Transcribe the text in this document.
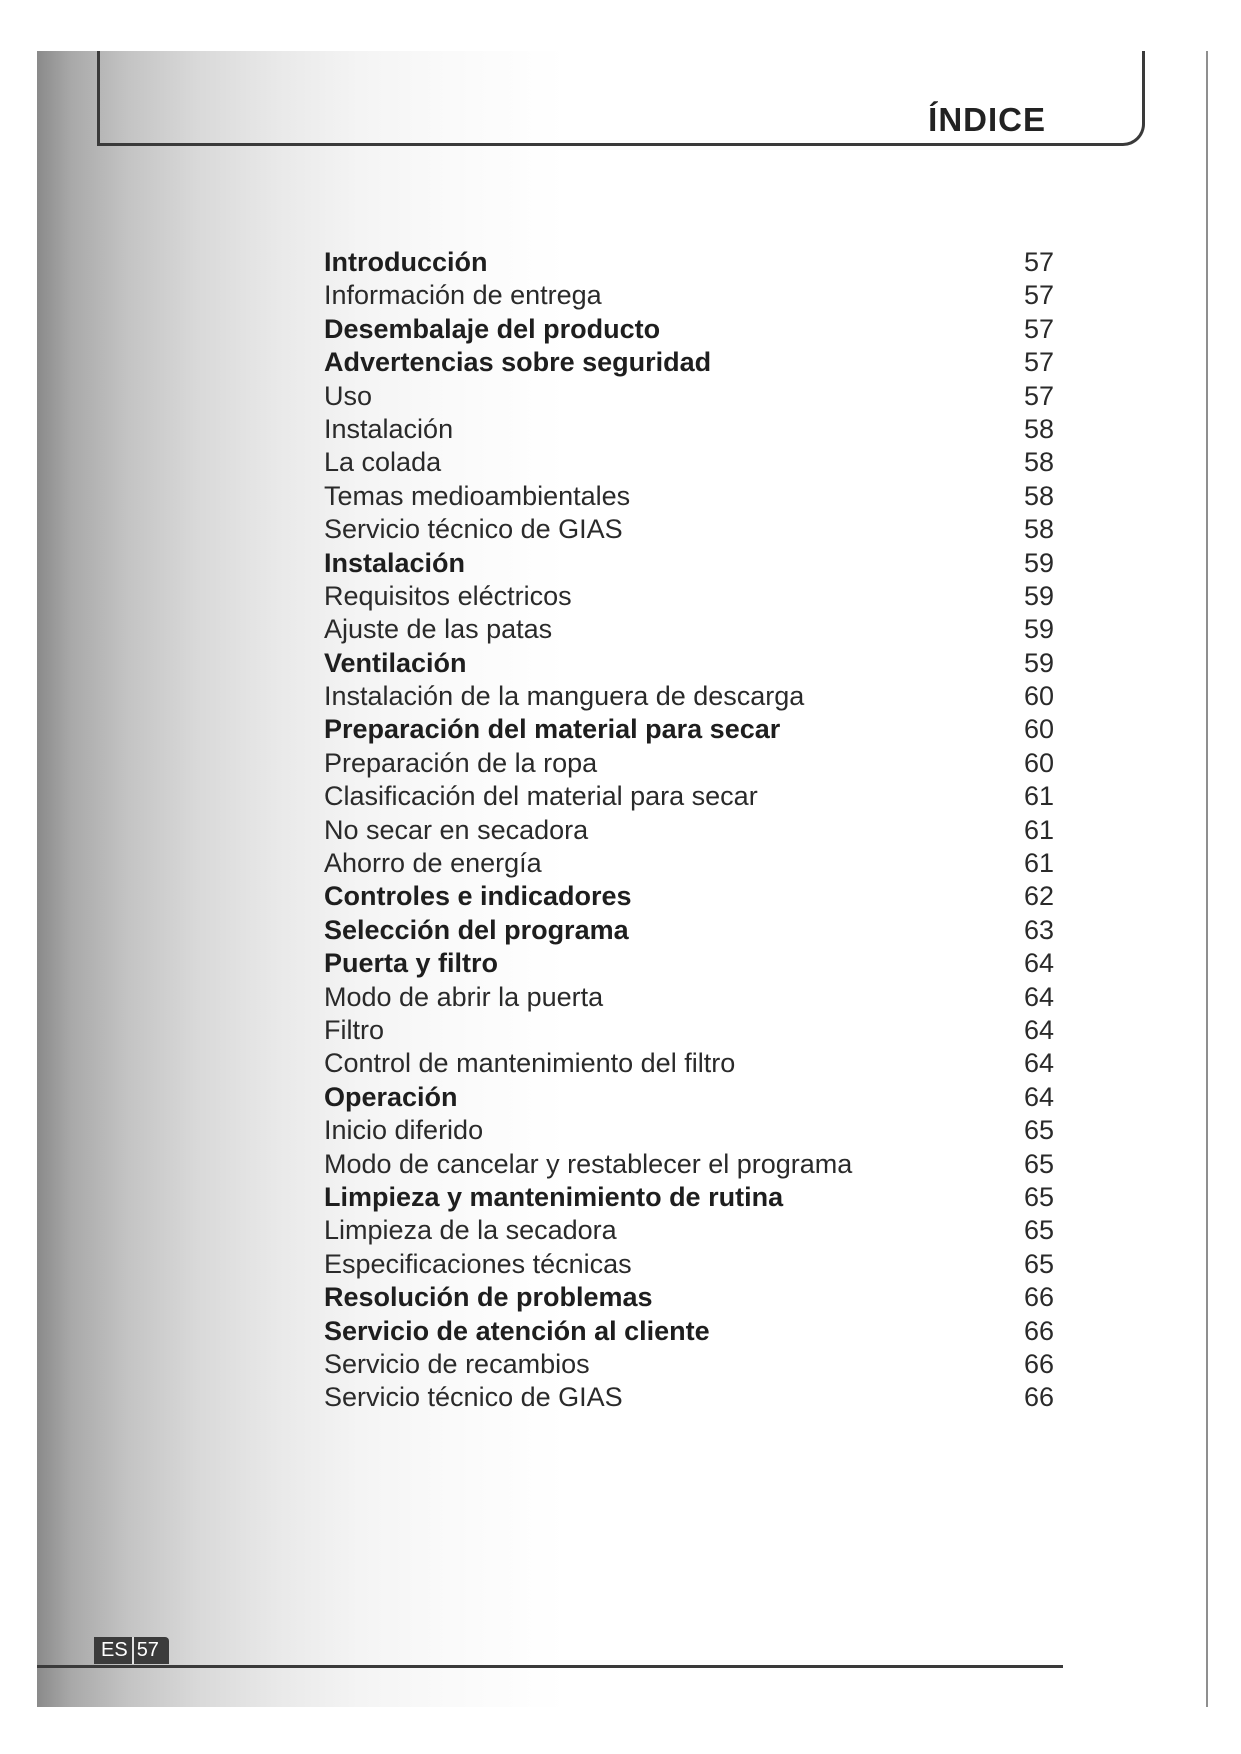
ÍNDICE
Introducción	57
Información de entrega	57
Desembalaje del producto	57
Advertencias sobre seguridad	57
Uso	57
Instalación	58
La colada	58
Temas medioambientales	58
Servicio técnico de GIAS	58
Instalación	59
Requisitos eléctricos	59
Ajuste de las patas	59
Ventilación	59
Instalación de la manguera de descarga	60
Preparación del material para secar	60
Preparación de la ropa	60
Clasificación del material para secar	61
No secar en secadora	61
Ahorro de energía	61
Controles e indicadores	62
Selección del programa	63
Puerta y filtro	64
Modo de abrir la puerta	64
Filtro	64
Control de mantenimiento del filtro	64
Operación	64
Inicio diferido	65
Modo de cancelar y restablecer el programa	65
Limpieza y mantenimiento de rutina	65
Limpieza de la secadora	65
Especificaciones técnicas	65
Resolución de problemas	66
Servicio de atención al cliente	66
Servicio de recambios	66
Servicio técnico de GIAS	66
ES 57
